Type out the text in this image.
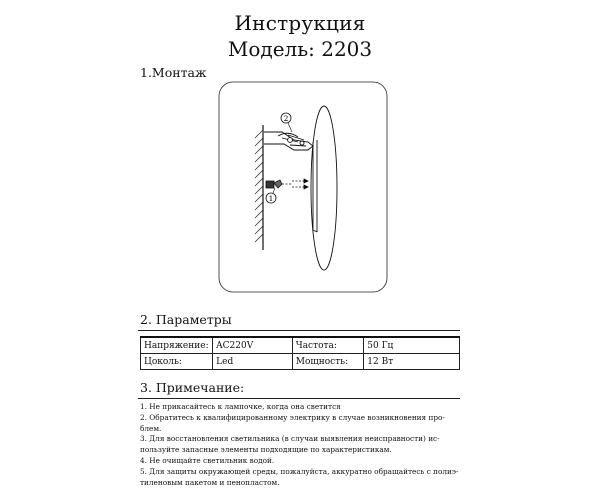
Инструкция
Модель: 2203
1.Монтаж
1
2
2. Параметры
Напряжение:	AC220V	Частота:	50 Гц
Цоколь:	Led	Мощность:	12 Вт
3. Примечание:
1. Не прикасайтесь к лампочке, когда она светится
2. Обратитесь к квалифицированному электрику в случае возникновения про-
блем.
3. Для восстановления светильника (в случаи выявления неисправности) ис-
пользуйте запасные элементы подходящие по характеристикам.
4. Не очищайте светильник водой.
5. Для защиты окружающей среды, пожалуйста, аккуратно обращайтесь с полиэ-
тиленовым пакетом и пенопластом.
